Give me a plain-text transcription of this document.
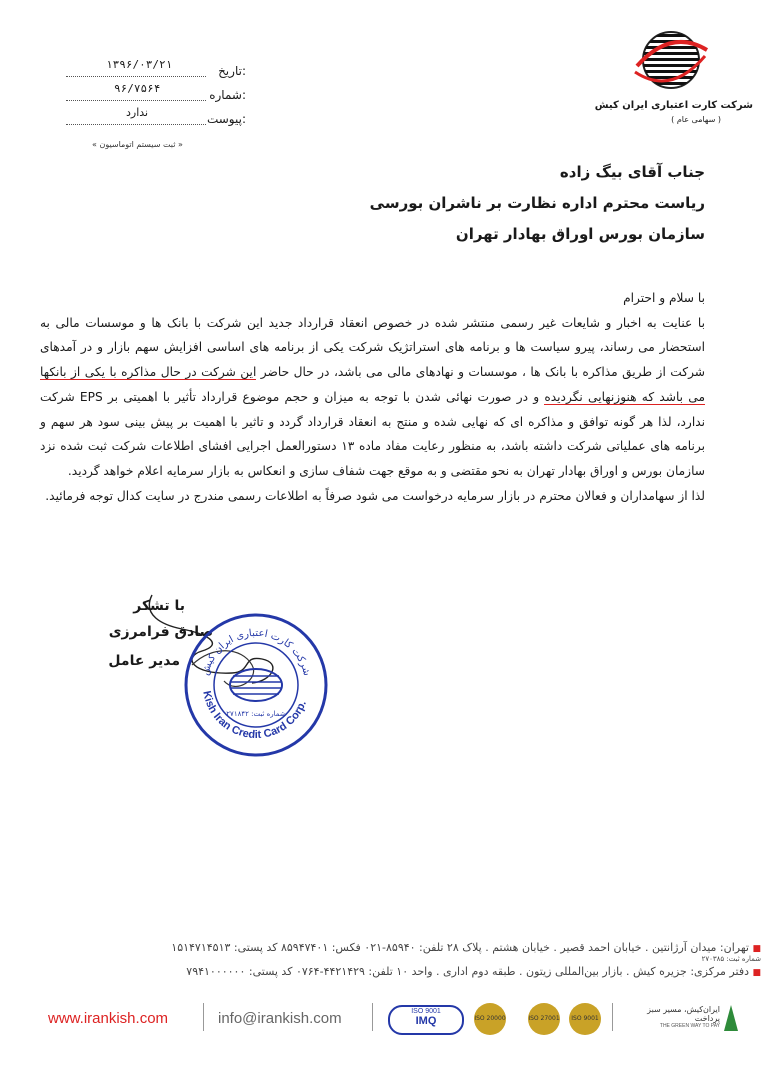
تاریخ:
۱۳۹۶/۰۳/۲۱
شماره:
۹۶/۷۵۶۴
پیوست:
ندارد
« ثبت سیستم اتوماسیون »
شرکت کارت اعتباری ایران کیش
( سهامی عام )
جناب آقای بیگ زاده
ریاست محترم اداره نظارت بر ناشران بورسی
سازمان بورس اوراق بهادار تهران

با سلام و احترام

با عنایت به اخبار و شایعات غیر رسمی منتشر شده در خصوص انعقاد قرارداد جدید این شرکت با بانک ها و موسسات مالی به استحضار می رساند، پیرو سیاست ها و برنامه های استراتژیک شرکت یکی از برنامه های اساسی افزایش سهم بازار و در آمدهای شرکت از طریق مذاکره با بانک ها ، موسسات و نهادهای مالی می باشد، در حال حاضر این شرکت در حال مذاکره با یکی از بانکها می باشد که هنوزنهایی نگردیده و در صورت نهائی شدن با توجه به میزان و حجم موضوع قرارداد تأثیر با اهمیتی بر EPS شرکت ندارد، لذا هر گونه توافق و مذاکره ای که نهایی شده و منتج به انعقاد قرارداد گردد و تاثیر با اهمیت بر پیش بینی سود هر سهم و برنامه های عملیاتی شرکت داشته باشد، به منظور رعایت مفاد ماده ۱۳ دستورالعمل اجرایی افشای اطلاعات شرکت ثبت شده نزد سازمان بورس و اوراق بهادار تهران به نحو مقتضی و به موقع جهت شفاف سازی و انعکاس به بازار سرمایه اعلام خواهد گردید.

لذا از سهامداران و فعالان محترم در بازار سرمایه درخواست می شود صرفاً به اطلاعات رسمی مندرج در سایت کدال توجه فرمائید.

با تشکر
صادق فرامرزی
مدیر عامل
Kish Iran Credit Card Corp.
شرکت کارت اعتباری ایران کیش
شماره ثبت: ۲۷۱۸۴۲
■ تهران: میدان آرژانتین . خیابان احمد قصیر . خیابان هشتم . پلاک ۲۸ تلفن: ۸۵۹۴۰-۰۲۱ فکس: ۸۵۹۴۷۴۰۱ کد پستی: ۱۵۱۴۷۱۴۵۱۳
■ دفتر مرکزی: جزیره کیش . بازار بین‌المللی زیتون . طبقه دوم اداری . واحد ۱۰ تلفن: ۴۴۲۱۴۲۹-۰۷۶۴ کد پستی: ۷۹۴۱۰۰۰۰۰۰
شماره ثبت: ۲۷۰۳۸۵
www.irankish.com	info@irankish.com	ISO 9001
IMQ	ISO 20000	ISO 27001	ISO 9001
ایران‌کیش، مسیر سبز پرداخت
THE GREEN WAY TO PAY
